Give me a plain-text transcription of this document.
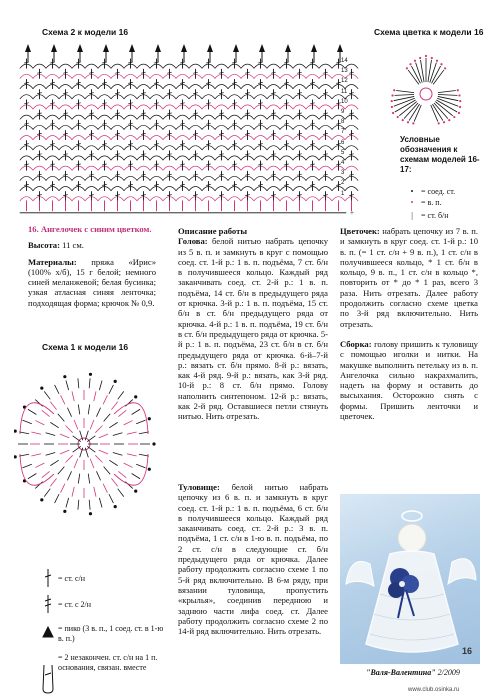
Схема 2 к модели 16
+
14
13
12
11
10
9
8
7
6
5
4
3
2
1
Схема цветка к модели 16
Условные обозначения к схемам моделей 16-17:
• = соед. ст.
• = в. п.
| = ст. б/н

16. Ангелочек с синим цветком.

Высота: 11 см.

Материалы: пряжа «Ирис» (100% х/б), 15 г белой; немного синей меланжевой; белая бусинка; узкая атласная синяя ленточка; подходящая форма; крючок № 0,9.

Схема 1 к модели 16
= ст. с/н
= ст. с 2/н
= пико (3 в. п., 1 соед. ст. в 1-ю в. п.)
= 2 незакончен. ст. с/н на 1 п. основания, связан. вместе

Описание работы

Голова: белой нитью набрать цепочку из 5 в. п. и замкнуть в круг с помощью соед. ст. 1-й р.: 1 в. п. подъёма, 7 ст. б/н в получившееся кольцо. Каждый ряд заканчивать соед. ст. 2-й р.: 1 в. п. подъёма, 14 ст. б/н в предыдущего ряда от крючка. 3-й р.: 1 в. п. подъёма, 15 ст. б/н в ст. б/н предыдущего ряда от крючка. 4-й р.: 1 в. п. подъёма, 19 ст. б/н в ст. б/н предыдущего ряда от крючка. 5-й р.: 1 в. п. подъёма, 23 ст. б/н в ст. б/н предыдущего ряда от крючка. 6-й–7-й р.: вязать ст. б/н прямо. 8-й р.: вязать, как 4-й ряд. 9-й р.: вязать, как 3-й ряд. 10-й р.: 8 ст. б/н прямо. Голову наполнить синтепоном. 12-й р.: вязать, как 2-й ряд. Оставшиеся петли стянуть нитью. Нить отрезать.

Туловище: белой нитью набрать цепочку из 6 в. п. и замкнуть в круг соед. ст. 1-й р.: 1 в. п. подъёма, 6 ст. б/н в получившееся кольцо. Каждый ряд заканчивать соед. ст. 2-й р.: 3 в. п. подъёма, 1 ст. с/н в 1-ю в. п. подъёма, по 2 ст. с/н в следующие ст. б/н предыдущего ряда от крючка. Далее работу продолжить согласно схеме 1 по 5-й ряд включительно. В 6-м ряду, при вязании туловища, пропустить «крылья», соединив переднюю и заднюю части лифа соед. ст. Далее работу продолжить согласно схеме 2 по 14-й ряд включительно. Нить отрезать.

Цветочек: набрать цепочку из 7 в. п. и замкнуть в круг соед. ст. 1-й р.: 10 в. п. (= 1 ст. с/н + 9 в. п.), 1 ст. с/н в получившееся кольцо, * 1 ст. б/н в кольцо, 9 в. п., 1 ст. с/н в кольцо *, повторить от * до * 1 раз, всего 3 раза. Нить отрезать. Далее работу продолжить согласно схеме цветка по 3-й ряд включительно. Нить отрезать.

Сборка: голову пришить к туловищу с помощью иголки и нитки. На макушке выполнить петельку из в. п. Ангелочка сильно накрахмалить, надеть на форму и оставить до высыхания. Осторожно снять с формы. Пришить ленточки и цветочек.

16
"Валя-Валентина" 2/2009
www.club.osinka.ru
